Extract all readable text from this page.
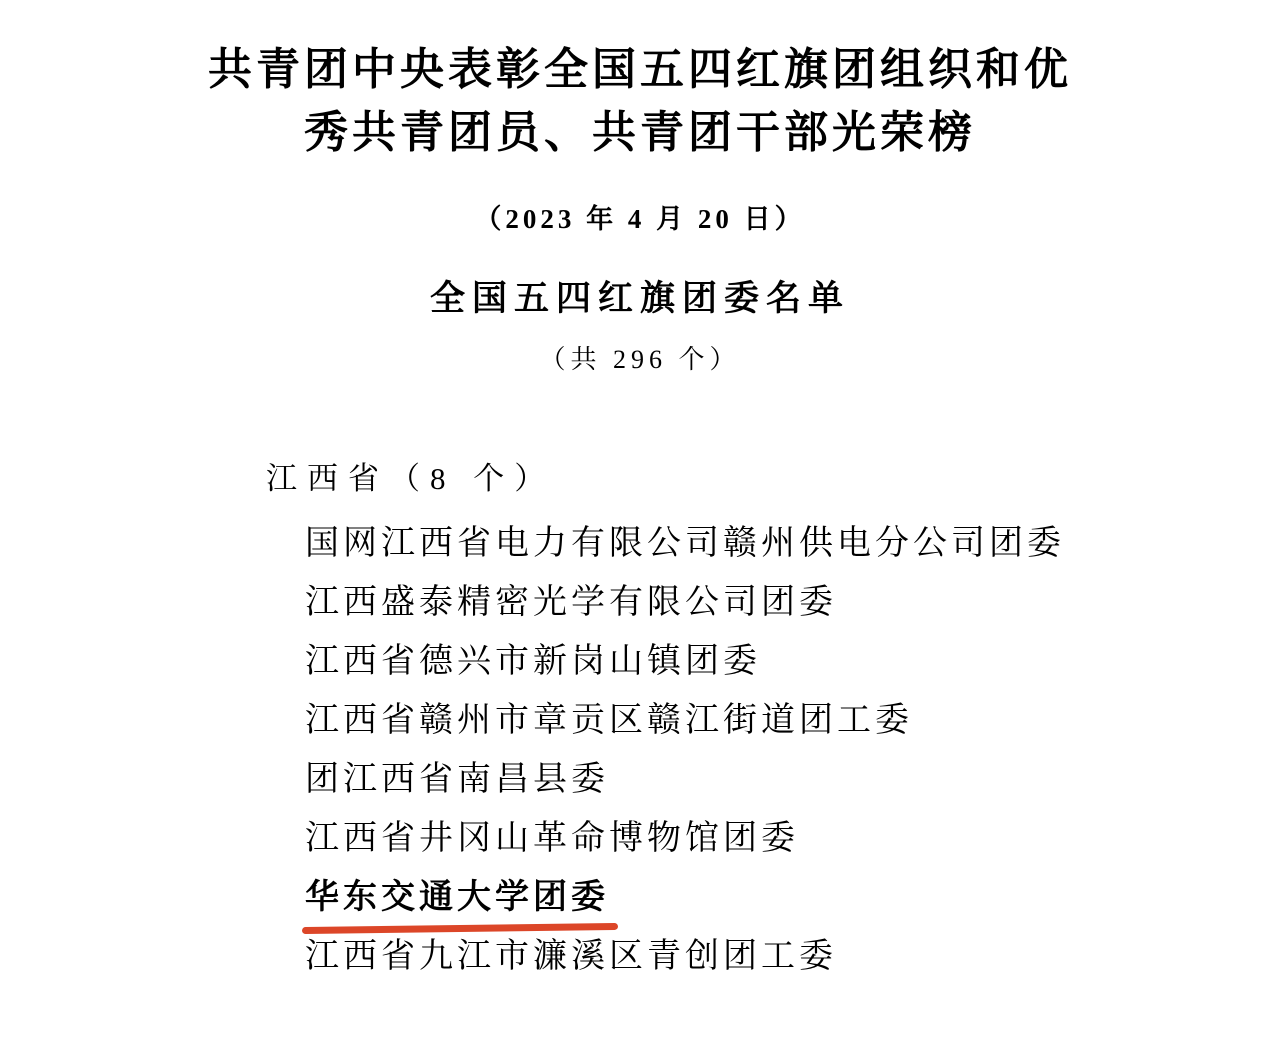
共青团中央表彰全国五四红旗团组织和优
秀共青团员、共青团干部光荣榜
（2023 年 4 月 20 日）
全国五四红旗团委名单
（共 296 个）
江西省（8 个）
国网江西省电力有限公司赣州供电分公司团委
江西盛泰精密光学有限公司团委
江西省德兴市新岗山镇团委
江西省赣州市章贡区赣江街道团工委
团江西省南昌县委
江西省井冈山革命博物馆团委
华东交通大学团委
江西省九江市濂溪区青创团工委
